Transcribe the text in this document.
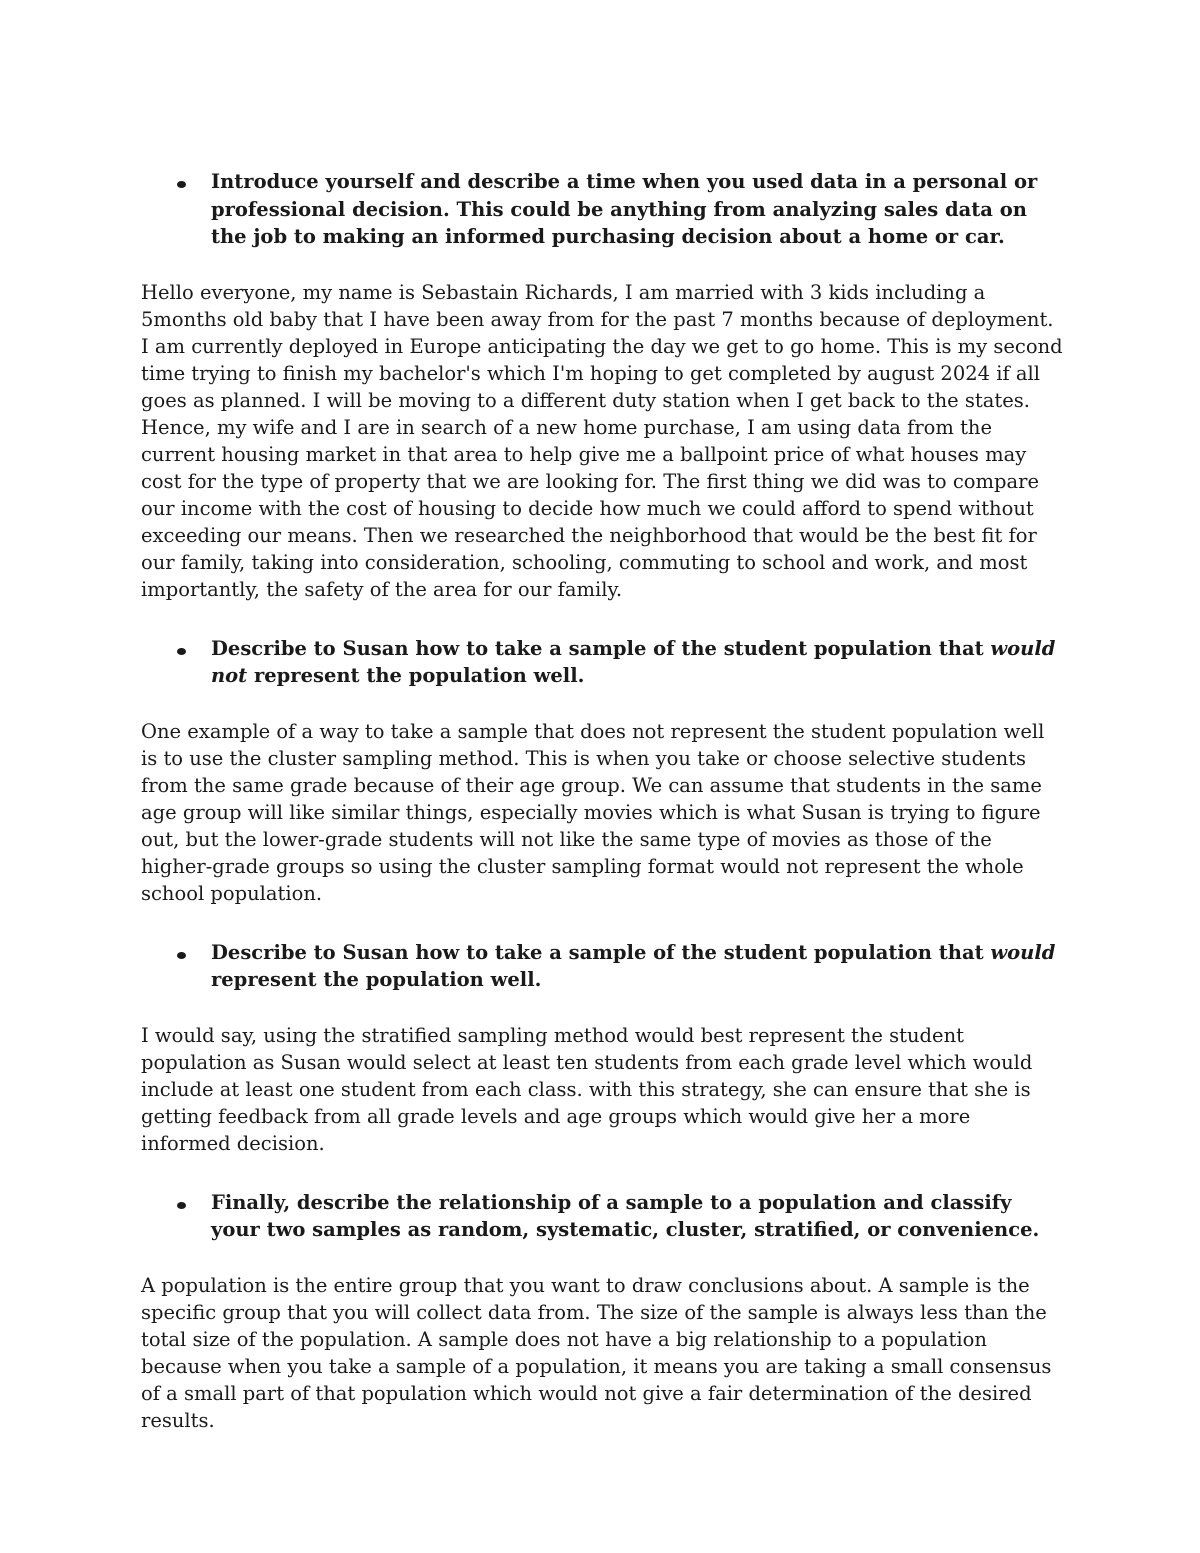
Introduce yourself and describe a time when you used data in a personal or professional decision. This could be anything from analyzing sales data on the job to making an informed purchasing decision about a home or car.

Hello everyone, my name is Sebastain Richards, I am married with 3 kids including a 5months old baby that I have been away from for the past 7 months because of deployment. I am currently deployed in Europe anticipating the day we get to go home. This is my second time trying to finish my bachelor's which I'm hoping to get completed by august 2024 if all goes as planned. I will be moving to a different duty station when I get back to the states. Hence, my wife and I are in search of a new home purchase, I am using data from the current housing market in that area to help give me a ballpoint price of what houses may cost for the type of property that we are looking for. The first thing we did was to compare our income with the cost of housing to decide how much we could afford to spend without exceeding our means. Then we researched the neighborhood that would be the best fit for our family, taking into consideration, schooling, commuting to school and work, and most importantly, the safety of the area for our family.

Describe to Susan how to take a sample of the student population that would not represent the population well.

One example of a way to take a sample that does not represent the student population well is to use the cluster sampling method. This is when you take or choose selective students from the same grade because of their age group. We can assume that students in the same age group will like similar things, especially movies which is what Susan is trying to figure out, but the lower-grade students will not like the same type of movies as those of the higher-grade groups so using the cluster sampling format would not represent the whole school population.

Describe to Susan how to take a sample of the student population that would represent the population well.

I would say, using the stratified sampling method would best represent the student population as Susan would select at least ten students from each grade level which would include at least one student from each class. with this strategy, she can ensure that she is getting feedback from all grade levels and age groups which would give her a more informed decision.

Finally, describe the relationship of a sample to a population and classify your two samples as random, systematic, cluster, stratified, or convenience.

A population is the entire group that you want to draw conclusions about. A sample is the specific group that you will collect data from. The size of the sample is always less than the total size of the population. A sample does not have a big relationship to a population because when you take a sample of a population, it means you are taking a small consensus of a small part of that population which would not give a fair determination of the desired results.
